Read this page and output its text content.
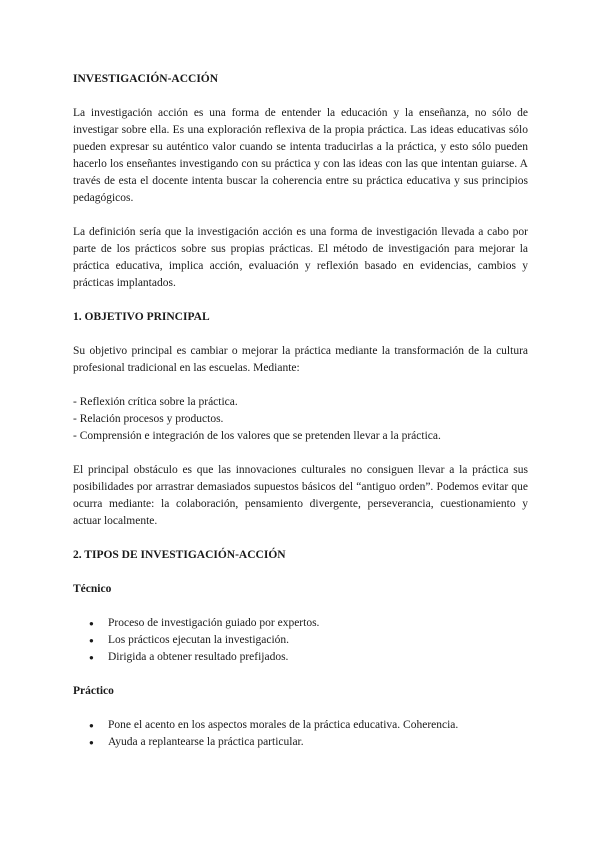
INVESTIGACIÓN-ACCIÓN

La investigación acción es una forma de entender la educación y la enseñanza, no sólo de investigar sobre ella. Es una exploración reflexiva de la propia práctica. Las ideas educativas sólo pueden expresar su auténtico valor cuando se intenta traducirlas a la práctica, y esto sólo pueden hacerlo los enseñantes investigando con su práctica y con las ideas con las que intentan guiarse. A través de esta el docente intenta buscar la coherencia entre su práctica educativa y sus principios pedagógicos.

La definición sería que la investigación acción es una forma de investigación llevada a cabo por parte de los prácticos sobre sus propias prácticas. El método de investigación para mejorar la práctica educativa, implica acción, evaluación y reflexión basado en evidencias, cambios y prácticas implantados.

1. OBJETIVO PRINCIPAL

Su objetivo principal es cambiar o mejorar la práctica mediante la transformación de la cultura profesional tradicional en las escuelas. Mediante:

- Reflexión crítica sobre la práctica.
- Relación procesos y productos.
- Comprensión e integración de los valores que se pretenden llevar a la práctica.

El principal obstáculo es que las innovaciones culturales no consiguen llevar a la práctica sus posibilidades por arrastrar demasiados supuestos básicos del “antiguo orden”. Podemos evitar que ocurra mediante: la colaboración, pensamiento divergente, perseverancia, cuestionamiento y actuar localmente.

2. TIPOS DE INVESTIGACIÓN-ACCIÓN
Técnico
● Proceso de investigación guiado por expertos.
● Los prácticos ejecutan la investigación.
● Dirigida a obtener resultado prefijados.
Práctico
● Pone el acento en los aspectos morales de la práctica educativa. Coherencia.
● Ayuda a replantearse la práctica particular.
